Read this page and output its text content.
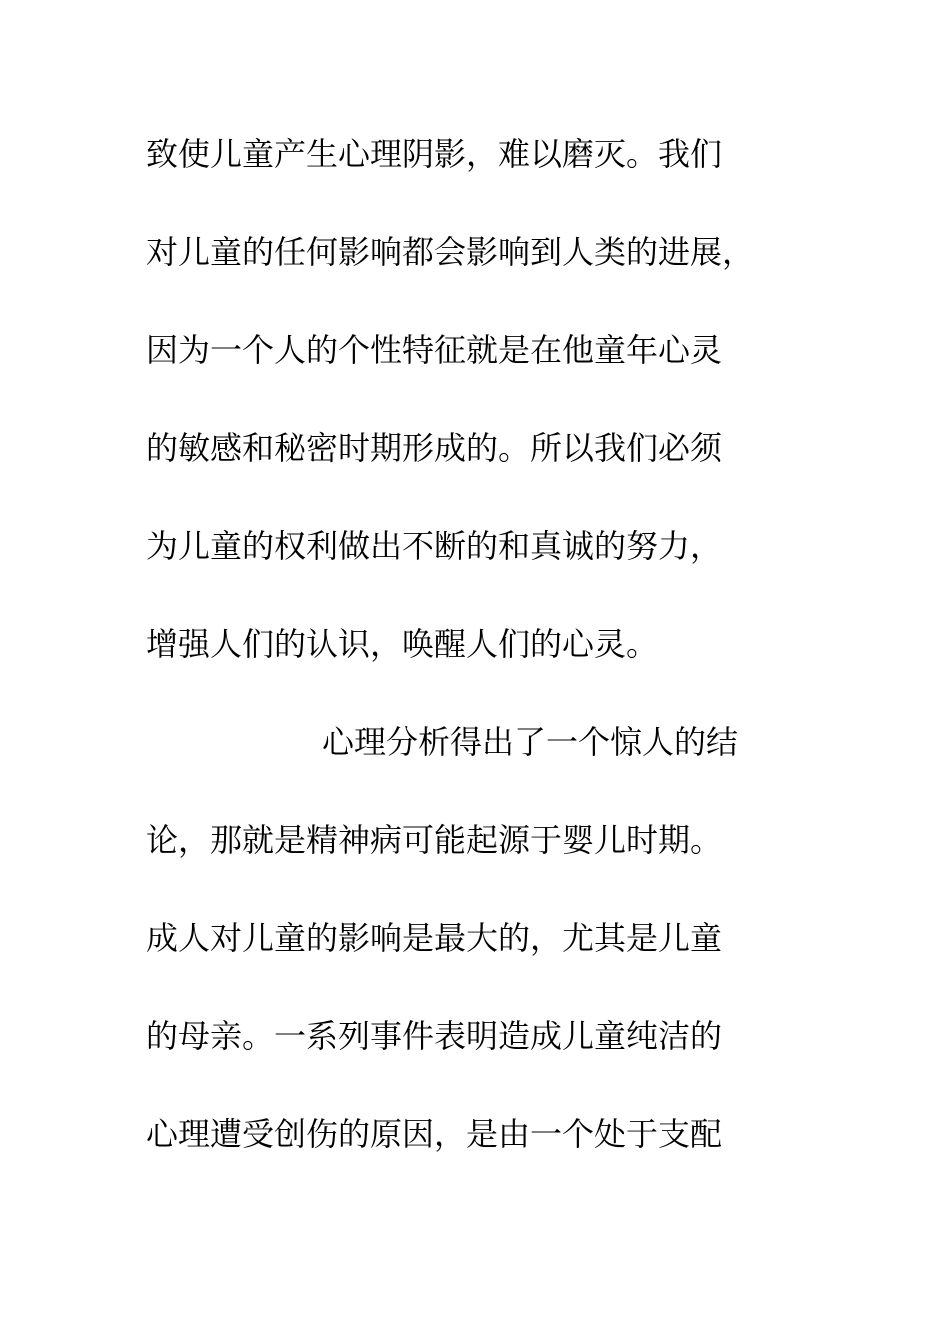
致使儿童产生心理阴影，难以磨灭。我们
对儿童的任何影响都会影响到人类的进展，
因为一个人的个性特征就是在他童年心灵
的敏感和秘密时期形成的。所以我们必须
为儿童的权利做出不断的和真诚的努力，
增强人们的认识，唤醒人们的心灵。
心理分析得出了一个惊人的结
论，那就是精神病可能起源于婴儿时期。
成人对儿童的影响是最大的，尤其是儿童
的母亲。一系列事件表明造成儿童纯洁的
心理遭受创伤的原因，是由一个处于支配
